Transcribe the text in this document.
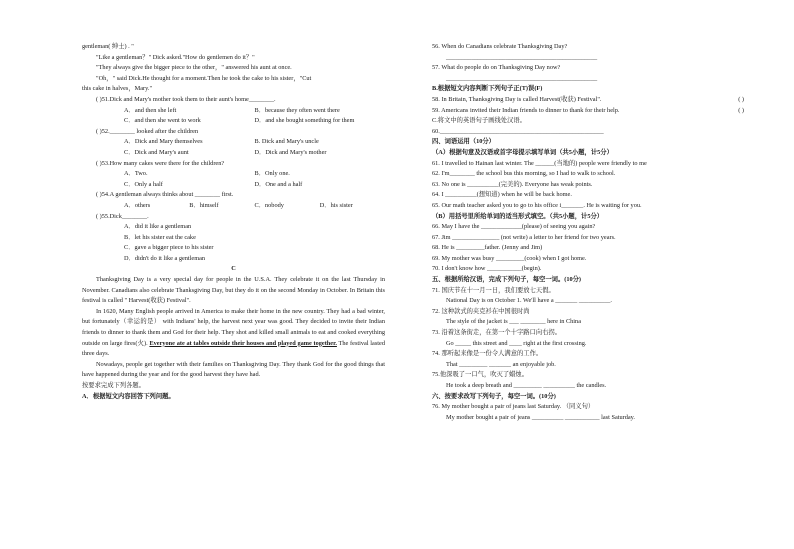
gentleman( 绅士) . "
"Like a gentleman？" Dick asked."How do gentlemen do it？"
"They always give the bigger piece to the other，" answered his aunt at once.
"Oh，" said Dick.He thought for a moment.Then he took the cake to his sister，"Cut
this cake in halves，Mary."
( )51.Dick and Mary's mother took them to their aunt's home________.
A．and then she left	B．because they often went there
C．and then she went to work	D．and she bought something for them
( )52.________ looked after the children
A．Dick and Mary themselves	B. Dick and Mary's uncle
C．Dick and Mary's aunt	D．Dick and Mary's mother
( )53.How many cakes were there for the children?
A．Two.	B．Only one.
C．Only a half	D．One and a half
( )54.A gentleman always thinks about ________ first.
A．others	B．himself	C．nobody	D．his sister
( )55.Dick________.
A．did it like a gentleman
B．let his sister eat the cake
C．gave a bigger piece to his sister
D．didn't do it like a gentleman
C
Thanksgiving Day is a very special day for people in the U.S.A. They celebrate it on the last Thursday in November. Canadians also celebrate Thanksgiving Day, but they do it on the second Monday in October. In Britain this festival is called " Harvest(收获) Festival".
In 1620, Many English people arrived in America to make their home in the new country. They had a bad winter, but fortunately（幸运的是） with Indians' help, the harvest next year was good. They decided to invite their Indian friends to dinner to thank them and God for their help. They shot and killed small animals to eat and cooked everything outside on large fires(火). Everyone ate at tables outside their houses and played game together. The festival lasted three days.
Nowadays, people get together with their families on Thanksgiving Day. They thank God for the good things that have happened during the year and for the good harvest they have had.
按要求完成下列各题。
A．根据短文内容回答下列问题。
56. When do Canadians celebrate Thanksgiving Day?
________________________________________________
57. What do people do on Thanksgiving Day now?
________________________________________________
B.根据短文内容判断下列句子正(T)误(F)
58. In Britain, Thanksgiving Day is called Harvest(收获) Festival".	( )
59. Americans invited their Indian friends to dinner to thank for their help.	( )
C.将文中的英语句子画线处汉语。
60.____________________________________________________
四、词语运用（10分）
（A）根据句意及汉语或首字母提示填写单词（共5小题，计5分）
61. I travelled to Hainan last winter. The ______(当地的) people were friendly to me
62. I'm________ the school bus this morning, so I had to walk to school.
63. No one is __________(完美的). Everyone has weak points.
64. I __________(想知道) when he will be back home.
65. Our math teacher asked you to go to his office i_______. He is waiting for you.
（B）用括号里所给单词的适当形式填空。（共5小题，计5分）
66. May I have the _____________(please) of seeing you again?
67. Jim _______________ (not write) a letter to her friend for two years.
68. He is _________father. (Jenny and Jim)
69. My mother was busy _________(cook) when I got home.
70. I don't know how ___________(begin).
五、根据所给汉语，完成下列句子，每空一词。(10分)
71. 国庆节在十一月一日，我们要放七天假。
National Day is on October 1. We'll have a _______ __________.
72. 这种款式的夹克衫在中国很时尚
The style of the jacket is ___ ________ here in China
73. 沿着这条街走，在第一个十字路口向右拐。
Go _____ this street and ____ right at the first crossing.
74. 那听起来像是一份令人满意的工作。
That _________ _______ an enjoyable job.
75.他深吸了一口气，吹灭了蜡烛。
He took a deep breath and _________ __________ the candles.
六、按要求改写下列句子，每空一词。(10分)
76. My mother bought a pair of jeans last Saturday. （同义句）
My mother bought a pair of jeans __________ ___________ last Saturday.
